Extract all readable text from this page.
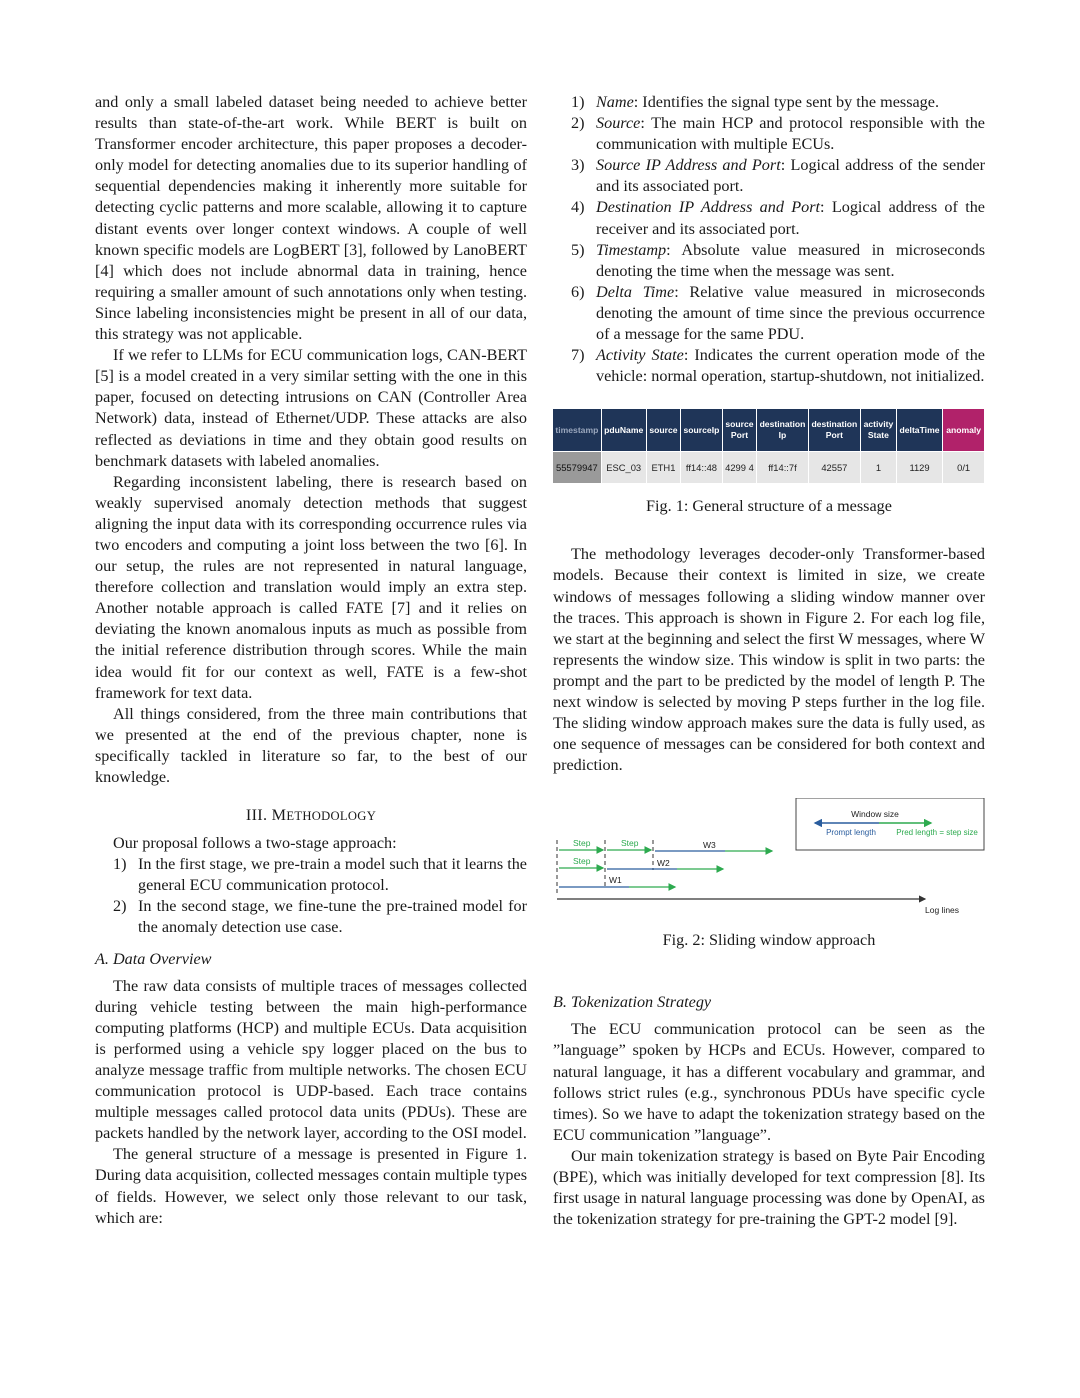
and only a small labeled dataset being needed to achieve better results than state-of-the-art work. While BERT is built on Transformer encoder architecture, this paper proposes a decoder-only model for detecting anomalies due to its superior handling of sequential dependencies making it inherently more suitable for detecting cyclic patterns and more scalable, allowing it to capture distant events over longer context windows. A couple of well known specific models are LogBERT [3], followed by LanoBERT [4] which does not include abnormal data in training, hence requiring a smaller amount of such annotations only when testing. Since labeling inconsistencies might be present in all of our data, this strategy was not applicable.

If we refer to LLMs for ECU communication logs, CAN-BERT [5] is a model created in a very similar setting with the one in this paper, focused on detecting intrusions on CAN (Controller Area Network) data, instead of Ethernet/UDP. These attacks are also reflected as deviations in time and they obtain good results on benchmark datasets with labeled anomalies.

Regarding inconsistent labeling, there is research based on weakly supervised anomaly detection methods that suggest aligning the input data with its corresponding occurrence rules via two encoders and computing a joint loss between the two [6]. In our setup, the rules are not represented in natural language, therefore collection and translation would imply an extra step. Another notable approach is called FATE [7] and it relies on deviating the known anomalous inputs as much as possible from the initial reference distribution through scores. While the main idea would fit for our context as well, FATE is a few-shot framework for text data.

All things considered, from the three main contributions that we presented at the end of the previous chapter, none is specifically tackled in literature so far, to the best of our knowledge.

III. METHODOLOGY

Our proposal follows a two-stage approach:

1) In the first stage, we pre-train a model such that it learns the general ECU communication protocol.
2) In the second stage, we fine-tune the pre-trained model for the anomaly detection use case.
A. Data Overview

The raw data consists of multiple traces of messages collected during vehicle testing between the main high-performance computing platforms (HCP) and multiple ECUs. Data acquisition is performed using a vehicle spy logger placed on the bus to analyze message traffic from multiple networks. The chosen ECU communication protocol is UDP-based. Each trace contains multiple messages called protocol data units (PDUs). These are packets handled by the network layer, according to the OSI model.

The general structure of a message is presented in Figure 1. During data acquisition, collected messages contain multiple types of fields. However, we select only those relevant to our task, which are:

1) Name: Identifies the signal type sent by the message.
2) Source: The main HCP and protocol responsible with the communication with multiple ECUs.
3) Source IP Address and Port: Logical address of the sender and its associated port.
4) Destination IP Address and Port: Logical address of the receiver and its associated port.
5) Timestamp: Absolute value measured in microseconds denoting the time when the message was sent.
6) Delta Time: Relative value measured in microseconds denoting the amount of time since the previous occurrence of a message for the same PDU.
7) Activity State: Indicates the current operation mode of the vehicle: normal operation, startup-shutdown, not initialized.
timestamp	pduName	source	sourceIp	source Port	destination Ip	destination Port	activity State	deltaTime	anomaly
55579947	ESC_03	ETH1	ff14::48	4299 4	ff14::7f	42557	1	1129	0/1
Fig. 1: General structure of a message

The methodology leverages decoder-only Transformer-based models. Because their context is limited in size, we create windows of messages following a sliding window manner over the traces. This approach is shown in Figure 2. For each log file, we start at the beginning and select the first W messages, where W represents the window size. This window is split in two parts: the prompt and the part to be predicted by the model of length P. The next window is selected by moving P steps further in the log file. The sliding window approach makes sure the data is fully used, as one sequence of messages can be considered for both context and prediction.

Window size
Prompt length	Pred length = step size
Step	Step	W3
Step	W2
W1
Log lines
Fig. 2: Sliding window approach
B. Tokenization Strategy

The ECU communication protocol can be seen as the ”language” spoken by HCPs and ECUs. However, compared to natural language, it has a different vocabulary and grammar, and follows strict rules (e.g., synchronous PDUs have specific cycle times). So we have to adapt the tokenization strategy based on the ECU communication ”language”.

Our main tokenization strategy is based on Byte Pair Encoding (BPE), which was initially developed for text compression [8]. Its first usage in natural language processing was done by OpenAI, as the tokenization strategy for pre-training the GPT-2 model [9].
